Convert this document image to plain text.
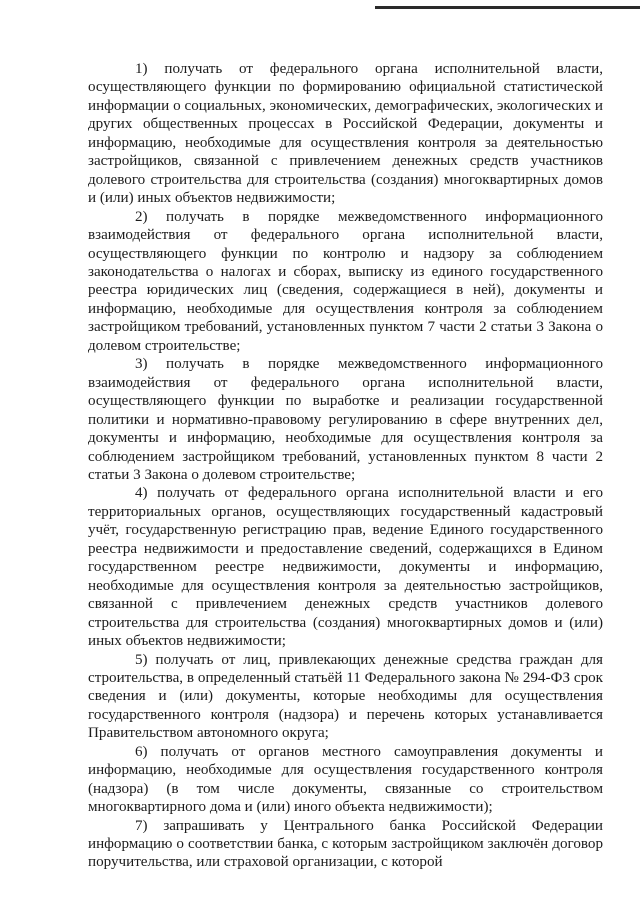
1) получать от федерального органа исполнительной власти, осуществляющего функции по формированию официальной статистической информации о социальных, экономических, демографических, экологических и других общественных процессах в Российской Федерации, документы и информацию, необходимые для осуществления контроля за деятельностью застройщиков, связанной с привлечением денежных средств участников долевого строительства для строительства (создания) многоквартирных домов и (или) иных объектов недвижимости;

2) получать в порядке межведомственного информационного взаимодействия от федерального органа исполнительной власти, осуществляющего функции по контролю и надзору за соблюдением законодательства о налогах и сборах, выписку из единого государственного реестра юридических лиц (сведения, содержащиеся в ней), документы и информацию, необходимые для осуществления контроля за соблюдением застройщиком требований, установленных пунктом 7 части 2 статьи 3 Закона о долевом строительстве;

3) получать в порядке межведомственного информационного взаимодействия от федерального органа исполнительной власти, осуществляющего функции по выработке и реализации государственной политики и нормативно-правовому регулированию в сфере внутренних дел, документы и информацию, необходимые для осуществления контроля за соблюдением застройщиком требований, установленных пунктом 8 части 2 статьи 3 Закона о долевом строительстве;

4) получать от федерального органа исполнительной власти и его территориальных органов, осуществляющих государственный кадастровый учёт, государственную регистрацию прав, ведение Единого государственного реестра недвижимости и предоставление сведений, содержащихся в Едином государственном реестре недвижимости, документы и информацию, необходимые для осуществления контроля за деятельностью застройщиков, связанной с привлечением денежных средств участников долевого строительства для строительства (создания) многоквартирных домов и (или) иных объектов недвижимости;

5) получать от лиц, привлекающих денежные средства граждан для строительства, в определенный статьёй 11 Федерального закона № 294-ФЗ срок сведения и (или) документы, которые необходимы для осуществления государственного контроля (надзора) и перечень которых устанавливается Правительством автономного округа;

6) получать от органов местного самоуправления документы и информацию, необходимые для осуществления государственного контроля (надзора) (в том числе документы, связанные со строительством многоквартирного дома и (или) иного объекта недвижимости);

7) запрашивать у Центрального банка Российской Федерации информацию о соответствии банка, с которым застройщиком заключён договор поручительства, или страховой организации, с которой
